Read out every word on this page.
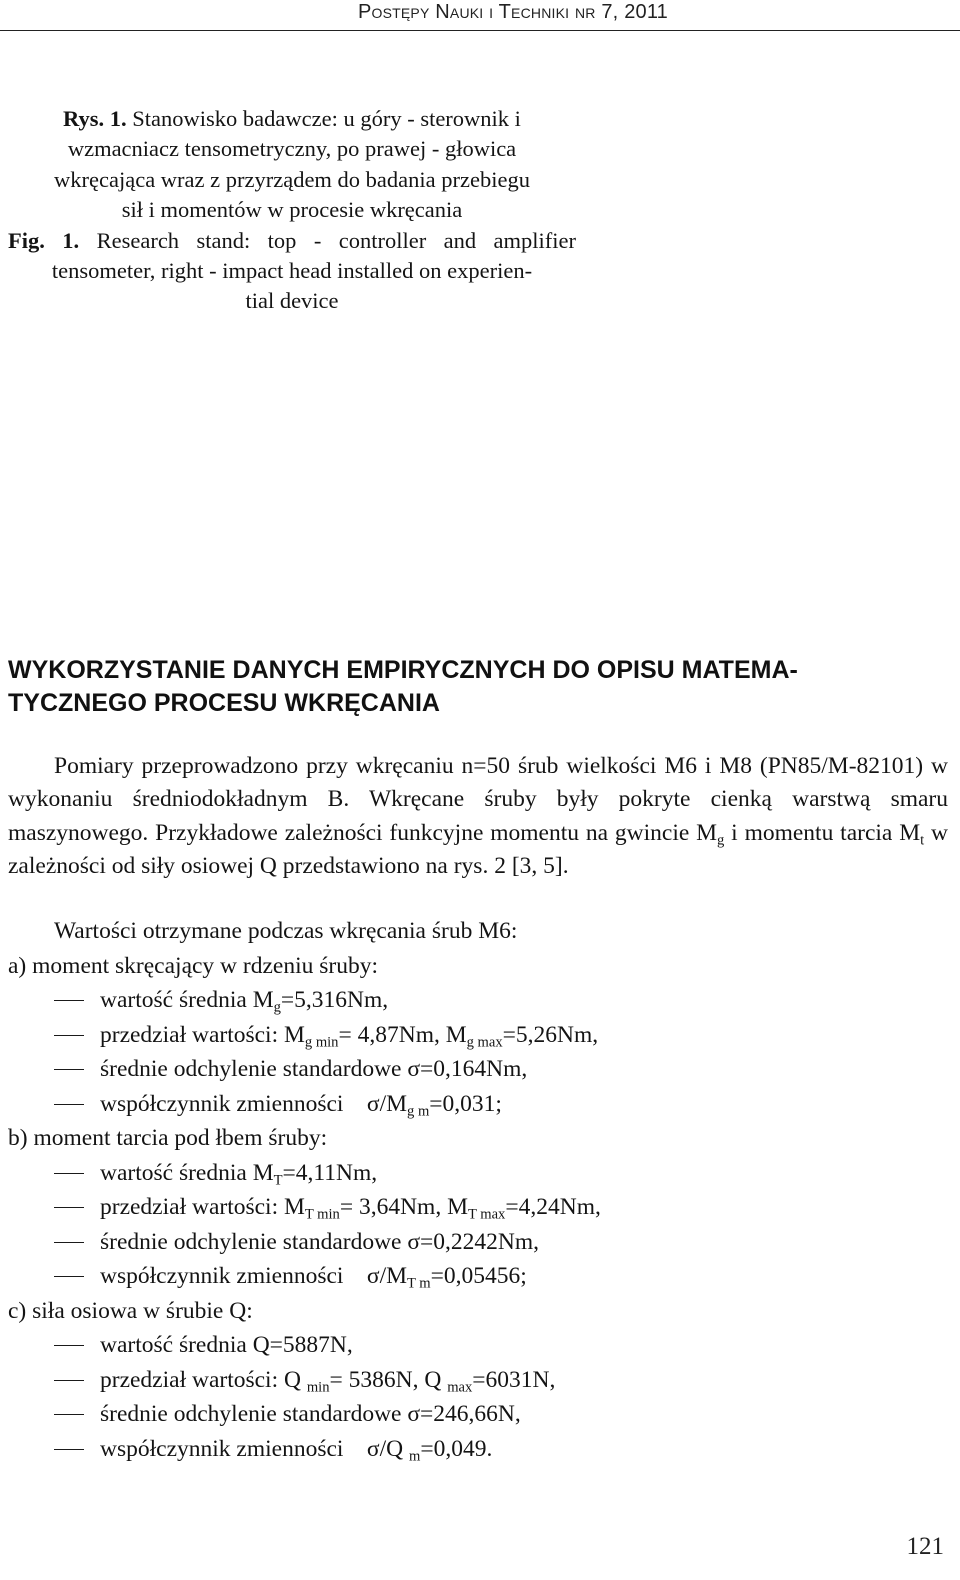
Postępy Nauki i Techniki nr 7, 2011
Rys. 1. Stanowisko badawcze: u góry - sterownik i
wzmacniacz tensometryczny, po prawej - głowica
wkręcająca wraz z przyrządem do badania przebiegu
sił i momentów w procesie wkręcania
Fig. 1. Research stand: top - controller and amplifier
tensometer, right - impact head installed on experien-
tial device
WYKORZYSTANIE DANYCH EMPIRYCZNYCH DO OPISU MATEMA-
TYCZNEGO PROCESU WKRĘCANIA

Pomiary przeprowadzono przy wkręcaniu n=50 śrub wielkości M6 i M8 (PN85/M-82101) w wykonaniu średniodokładnym B. Wkręcane śruby były pokryte cienką warstwą smaru maszynowego. Przykładowe zależności funkcyjne momentu na gwincie $M_g$ i momentu tarcia $M_t$ w zależności od siły osiowej Q przedstawiono na rys. 2 [3, 5].

Wartości otrzymane podczas wkręcania śrub M6:
a) moment skręcający w rdzeniu śruby:
wartość średnia $M_g=5,316Nm$,
przedział wartości: $M_{g min}= 4,87Nm$, $M_{g max}=5,26Nm$,
średnie odchylenie standardowe σ=0,164Nm,
współczynnik zmienności    $\sigma/M_{g m}=0,031$;
b) moment tarcia pod łbem śruby:
wartość średnia $M_T=4,11Nm$,
przedział wartości: $M_{T min}= 3,64Nm$, $M_{T max}=4,24Nm$,
średnie odchylenie standardowe σ=0,2242Nm,
współczynnik zmienności    $\sigma/M_{T m}=0,05456$;
c) siła osiowa w śrubie Q:
wartość średnia Q=5887N,
przedział wartości: Q $_{min}$= 5386N, Q $_{max}$=6031N,
średnie odchylenie standardowe σ=246,66N,
współczynnik zmienności    σ/Q $_m$=0,049.
121
